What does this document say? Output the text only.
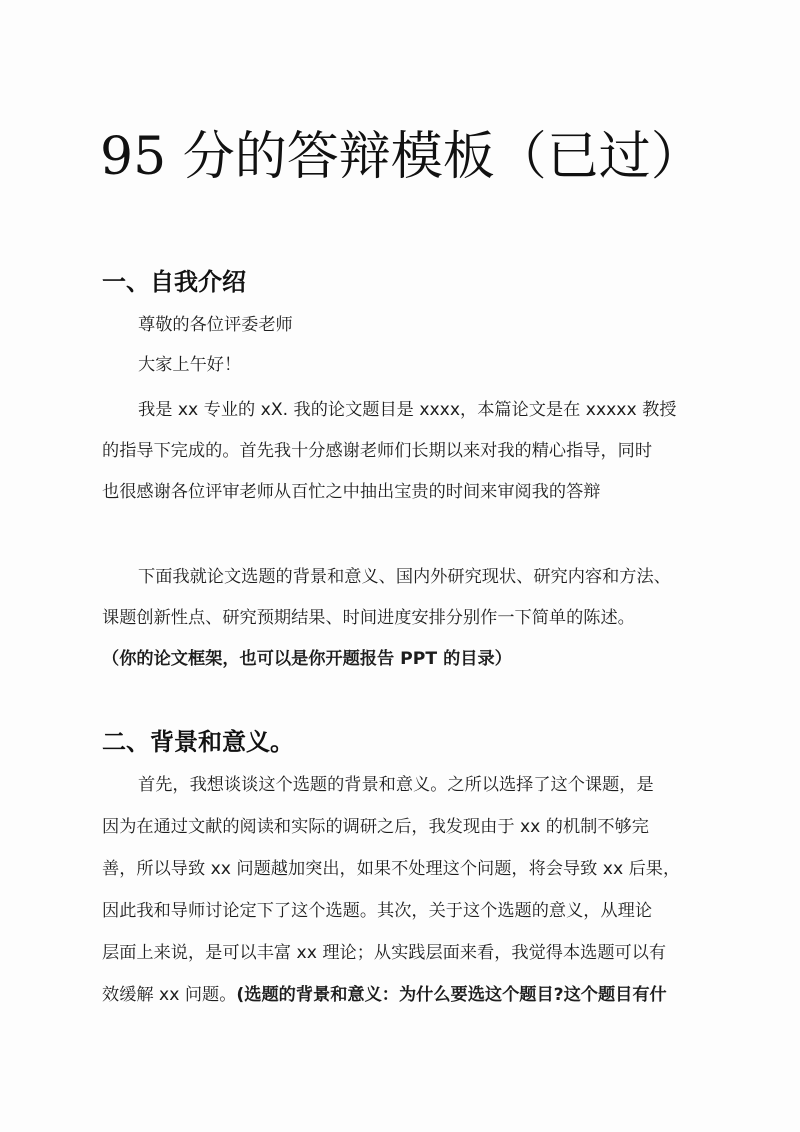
95 分的答辩模板（已过）
一、自我介绍
尊敬的各位评委老师
大家上午好！
我是 xx 专业的 xX. 我的论文题目是 xxxx，本篇论文是在 xxxxx 教授
的指导下完成的。首先我十分感谢老师们长期以来对我的精心指导，同时
也很感谢各位评审老师从百忙之中抽出宝贵的时间来审阅我的答辩
下面我就论文选题的背景和意义、国内外研究现状、研究内容和方法、
课题创新性点、研究预期结果、时间进度安排分别作一下简单的陈述。
（你的论文框架，也可以是你开题报告 PPT 的目录）
二、背景和意义。
首先，我想谈谈这个选题的背景和意义。之所以选择了这个课题，是
因为在通过文献的阅读和实际的调研之后，我发现由于 xx 的机制不够完
善，所以导致 xx 问题越加突出，如果不处理这个问题，将会导致 xx 后果，
因此我和导师讨论定下了这个选题。其次，关于这个选题的意义，从理论
层面上来说，是可以丰富 xx 理论；从实践层面来看，我觉得本选题可以有
效缓解 xx 问题。(选题的背景和意义：为什么要选这个题目?这个题目有什
